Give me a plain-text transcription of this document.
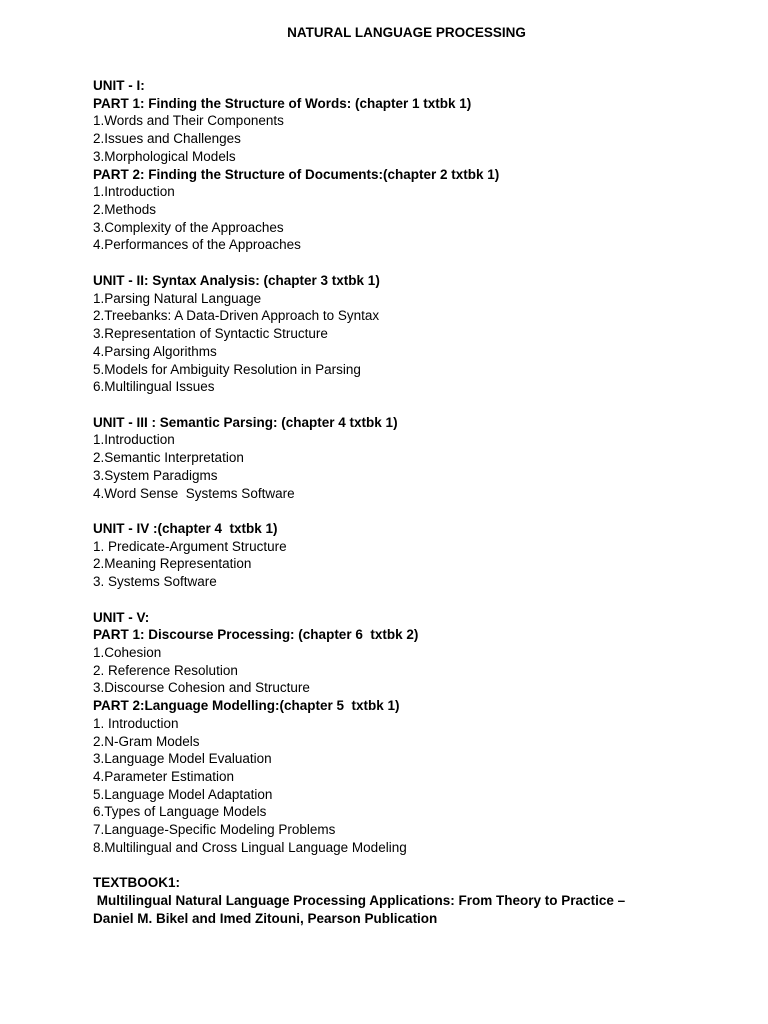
NATURAL LANGUAGE PROCESSING
UNIT - I:
PART 1: Finding the Structure of Words: (chapter 1 txtbk 1)
1.Words and Their Components
2.Issues and Challenges
3.Morphological Models
PART 2: Finding the Structure of Documents:(chapter 2 txtbk 1)
1.Introduction
2.Methods
3.Complexity of the Approaches
4.Performances of the Approaches
UNIT - II: Syntax Analysis: (chapter 3 txtbk 1)
1.Parsing Natural Language
2.Treebanks: A Data-Driven Approach to Syntax
3.Representation of Syntactic Structure
4.Parsing Algorithms
5.Models for Ambiguity Resolution in Parsing
6.Multilingual Issues
UNIT - III : Semantic Parsing: (chapter 4 txtbk 1)
1.Introduction
2.Semantic Interpretation
3.System Paradigms
4.Word Sense  Systems Software
UNIT - IV :(chapter 4  txtbk 1)
1. Predicate-Argument Structure
2.Meaning Representation
3. Systems Software
UNIT - V:
PART 1: Discourse Processing: (chapter 6  txtbk 2)
1.Cohesion
2. Reference Resolution
3.Discourse Cohesion and Structure
PART 2:Language Modelling:(chapter 5  txtbk 1)
1. Introduction
2.N-Gram Models
3.Language Model Evaluation
4.Parameter Estimation
5.Language Model Adaptation
6.Types of Language Models
7.Language-Specific Modeling Problems
8.Multilingual and Cross Lingual Language Modeling
TEXTBOOK1:
Multilingual Natural Language Processing Applications: From Theory to Practice –
Daniel M. Bikel and Imed Zitouni, Pearson Publication
